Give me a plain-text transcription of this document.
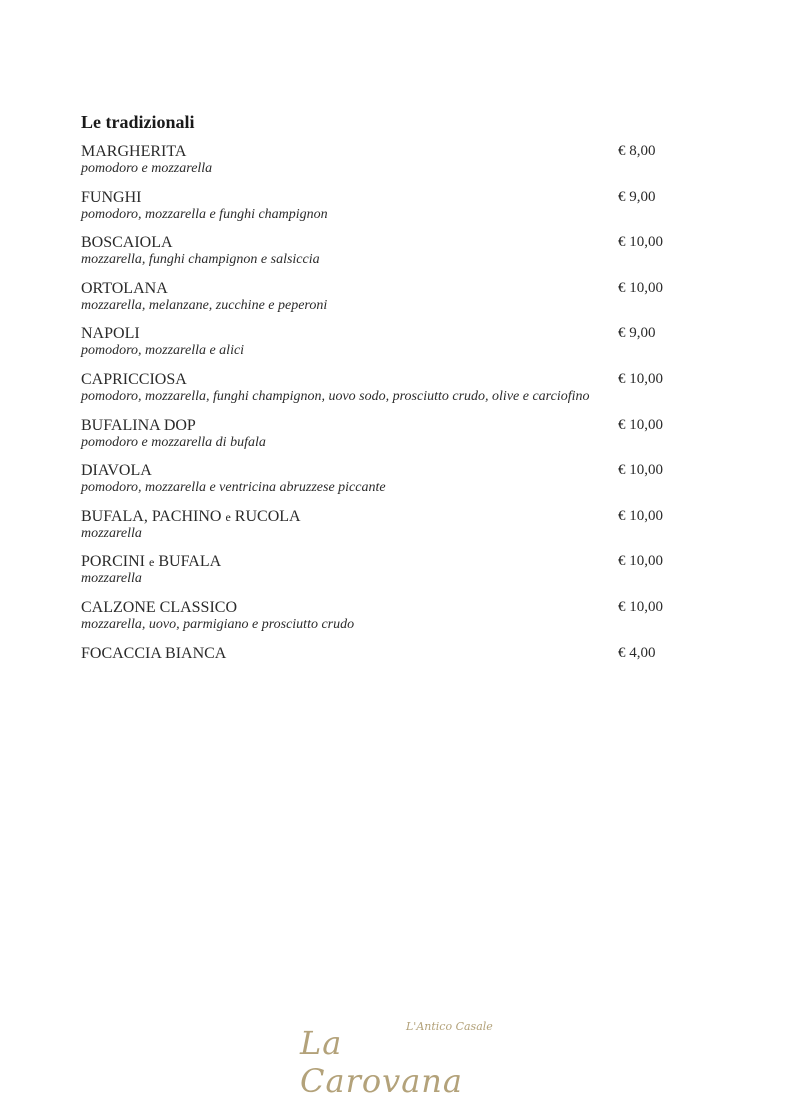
Le tradizionali
MARGHERITA	€ 8,00
pomodoro e mozzarella
FUNGHI	€ 9,00
pomodoro, mozzarella e funghi champignon
BOSCAIOLA	€ 10,00
mozzarella, funghi champignon e salsiccia
ORTOLANA	€ 10,00
mozzarella, melanzane, zucchine e peperoni
NAPOLI	€ 9,00
pomodoro, mozzarella e alici
CAPRICCIOSA	€ 10,00
pomodoro, mozzarella, funghi champignon, uovo sodo, prosciutto crudo, olive e carciofino
BUFALINA DOP	€ 10,00
pomodoro e mozzarella di bufala
DIAVOLA	€ 10,00
pomodoro, mozzarella e ventricina abruzzese piccante
BUFALA, PACHINO e RUCOLA	€ 10,00
mozzarella
PORCINI e BUFALA	€ 10,00
mozzarella
CALZONE CLASSICO	€ 10,00
mozzarella, uovo, parmigiano e prosciutto crudo
FOCACCIA BIANCA	€ 4,00
L'Antico Casale
La Carovana
